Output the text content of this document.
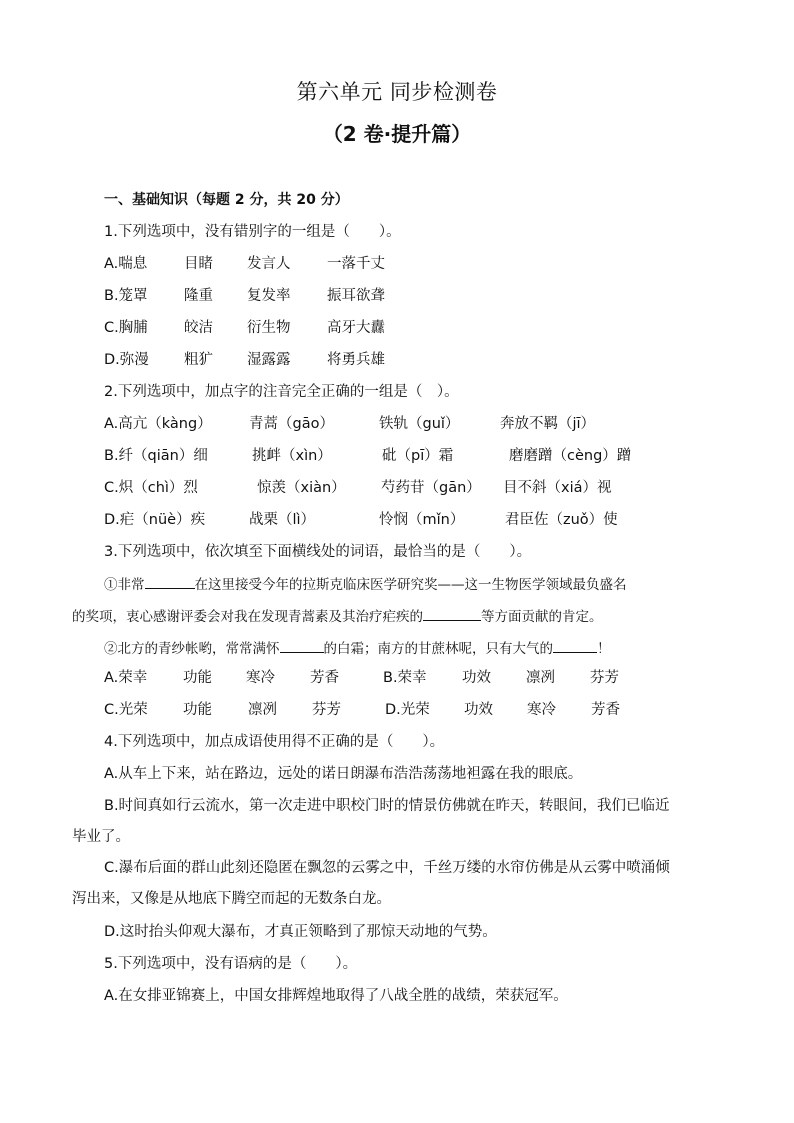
第六单元 同步检测卷
（2 卷·提升篇）
一、基础知识（每题 2 分，共 20 分）
1.下列选项中，没有错别字的一组是（　　）。
A.喘息	目睹 发言人	一落千丈
B.笼罩	隆重 复发率	振耳欲聋
C.胸脯	皎洁 衍生物	高牙大纛
D.弥漫 粗犷 湿露露	将勇兵雄
2.下列选项中，加点字的注音完全正确的一组是（　）。
A.高亢（kàng）	青蒿（gāo）	铁轨（guǐ）	奔放不羁（jī）
B.纤（qiān）细	挑衅（xìn）	砒（pī）霜	磨磨蹭（cèng）蹭
C.炽（chì）烈	惊羡（xiàn） 芍药苷（gān） 目不斜（xiá）视
D.疟（nüè）疾	战栗（lì）	怜悯（mǐn）	君臣佐（zuǒ）使
3.下列选项中，依次填至下面横线处的词语，最恰当的是（　　）。
①非常	在这里接受今年的拉斯克临床医学研究奖——这一生物医学领域最负盛名
的奖项，衷心感谢评委会对我在发现青蒿素及其治疗疟疾的	等方面贡献的肯定。
②北方的青纱帐哟，常常满怀	的白霜；南方的甘蔗林呢，只有大气的	！
A.荣幸 功能 寒冷 芳香	B.荣幸 功效 凛冽 芬芳
C.光荣 功能 凛冽 芬芳	D.光荣 功效 寒冷 芳香
4.下列选项中，加点成语使用得不正确的是（　　）。
A.从车上下来，站在路边，远处的诺日朗瀑布浩浩荡荡地袒露在我的眼底。
B.时间真如行云流水，第一次走进中职校门时的情景仿佛就在昨天，转眼间，我们已临近
毕业了。
C.瀑布后面的群山此刻还隐匿在飘忽的云雾之中，千丝万缕的水帘仿佛是从云雾中喷涌倾
泻出来，又像是从地底下腾空而起的无数条白龙。
D.这时抬头仰观大瀑布，才真正领略到了那惊天动地的气势。
5.下列选项中，没有语病的是（　　）。
A.在女排亚锦赛上，中国女排辉煌地取得了八战全胜的战绩，荣获冠军。
